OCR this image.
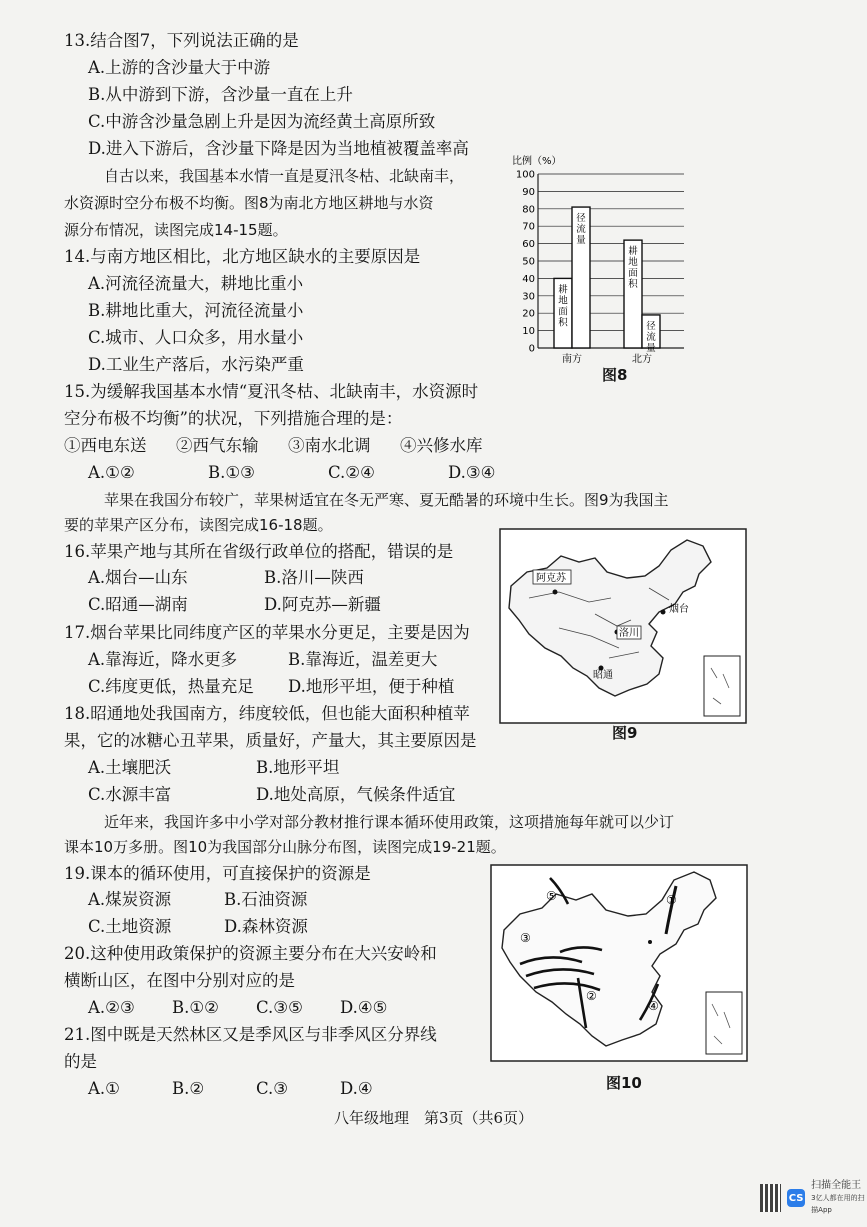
13.结合图7，下列说法正确的是
A.上游的含沙量大于中游
B.从中游到下游，含沙量一直在上升
C.中游含沙量急剧上升是因为流经黄土高原所致
D.进入下游后，含沙量下降是因为当地植被覆盖率高
自古以来，我国基本水情一直是夏汛冬枯、北缺南丰，
水资源时空分布极不均衡。图8为南北方地区耕地与水资
源分布情况，读图完成14-15题。
14.与南方地区相比，北方地区缺水的主要原因是
A.河流径流量大，耕地比重小
B.耕地比重大，河流径流量小
C.城市、人口众多，用水量小
D.工业生产落后，水污染严重
15.为缓解我国基本水情“夏汛冬枯、北缺南丰，水资源时
空分布极不均衡”的状况，下列措施合理的是：
①西电东送	②西气东输	③南水北调	④兴修水库
A.①②	B.①③	C.②④	D.③④
苹果在我国分布较广，苹果树适宜在冬无严寒、夏无酷暑的环境中生长。图9为我国主
要的苹果产区分布，读图完成16-18题。
16.苹果产地与其所在省级行政单位的搭配，错误的是
A.烟台—山东	B.洛川—陕西
C.昭通—湖南	D.阿克苏—新疆
17.烟台苹果比同纬度产区的苹果水分更足，主要是因为
A.靠海近，降水更多	B.靠海近，温差更大
C.纬度更低，热量充足	D.地形平坦，便于种植
18.昭通地处我国南方，纬度较低，但也能大面积种植苹
果，它的冰糖心丑苹果，质量好，产量大，其主要原因是
A.土壤肥沃	B.地形平坦
C.水源丰富	D.地处高原，气候条件适宜
近年来，我国许多中小学对部分教材推行课本循环使用政策，这项措施每年就可以少订
课本10万多册。图10为我国部分山脉分布图，读图完成19-21题。
19.课本的循环使用，可直接保护的资源是
A.煤炭资源	B.石油资源
C.土地资源	D.森林资源
20.这种使用政策保护的资源主要分布在大兴安岭和
横断山区，在图中分别对应的是
A.②③	B.①②	C.③⑤	D.④⑤
21.图中既是天然林区又是季风区与非季风区分界线
的是
A.①	B.②	C.③	D.④
比例（%）
100
90
80
70
60
50
40
30
20
10
0
耕地面积
径流量
耕地面积
径流量
南方	北方
图8
阿克苏
烟台
洛川
昭通
图9
①
②
③
④
⑤
图10
八年级地理　第3页（共6页）
CS
扫描全能王
3亿人都在用的扫描App
